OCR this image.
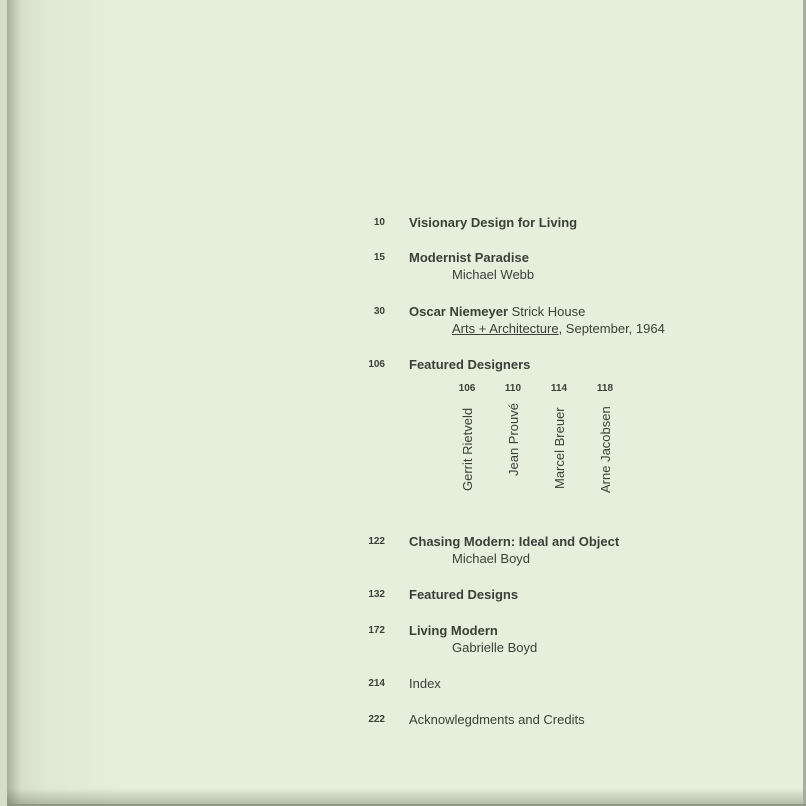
10 Visionary Design for Living
15 Modernist Paradise
Michael Webb
30 Oscar Niemeyer Strick House
Arts + Architecture, September, 1964
106 Featured Designers
106
Gerrit Rietveld
110
Jean Prouvé
114
Marcel Breuer
118
Arne Jacobsen
122 Chasing Modern: Ideal and Object
Michael Boyd
132 Featured Designs
172 Living Modern
Gabrielle Boyd
214 Index
222 Acknowlegdments and Credits
